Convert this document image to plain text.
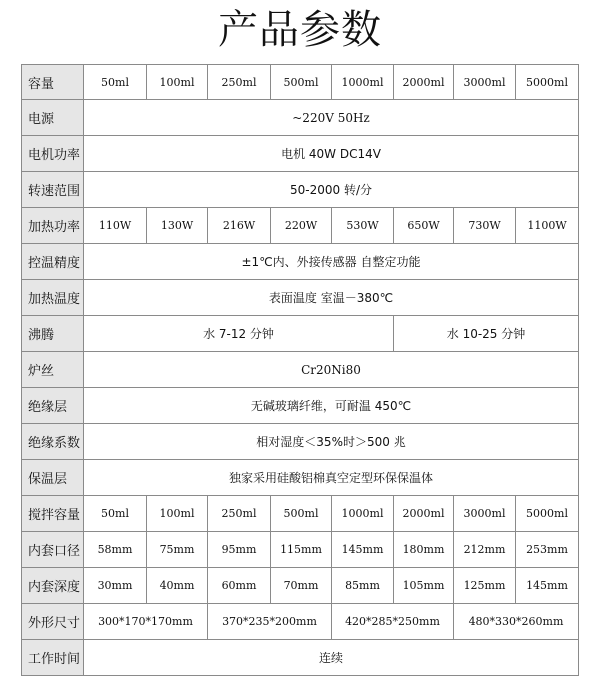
产品参数
容量	50ml	100ml	250ml	500ml	1000ml	2000ml	3000ml	5000ml
电源	~220V 50Hz							
电机功率	电机 40W DC14V							
转速范围	50-2000 转/分							
加热功率	110W	130W	216W	220W	530W	650W	730W	1100W
控温精度	±1℃内、外接传感器 自整定功能							
加热温度	表面温度 室温－380℃							
沸腾	水 7-12 分钟					水 10-25 分钟		
炉丝	Cr20Ni80							
绝缘层	无碱玻璃纤维，可耐温 450℃							
绝缘系数	相对湿度＜35%时＞500 兆							
保温层	独家采用硅酸铝棉真空定型环保保温体							
搅拌容量	50ml	100ml	250ml	500ml	1000ml	2000ml	3000ml	5000ml
内套口径	58mm	75mm	95mm	115mm	145mm	180mm	212mm	253mm
内套深度	30mm	40mm	60mm	70mm	85mm	105mm	125mm	145mm
外形尺寸	300*170*170mm		370*235*200mm		420*285*250mm		480*330*260mm	
工作时间	连续							
